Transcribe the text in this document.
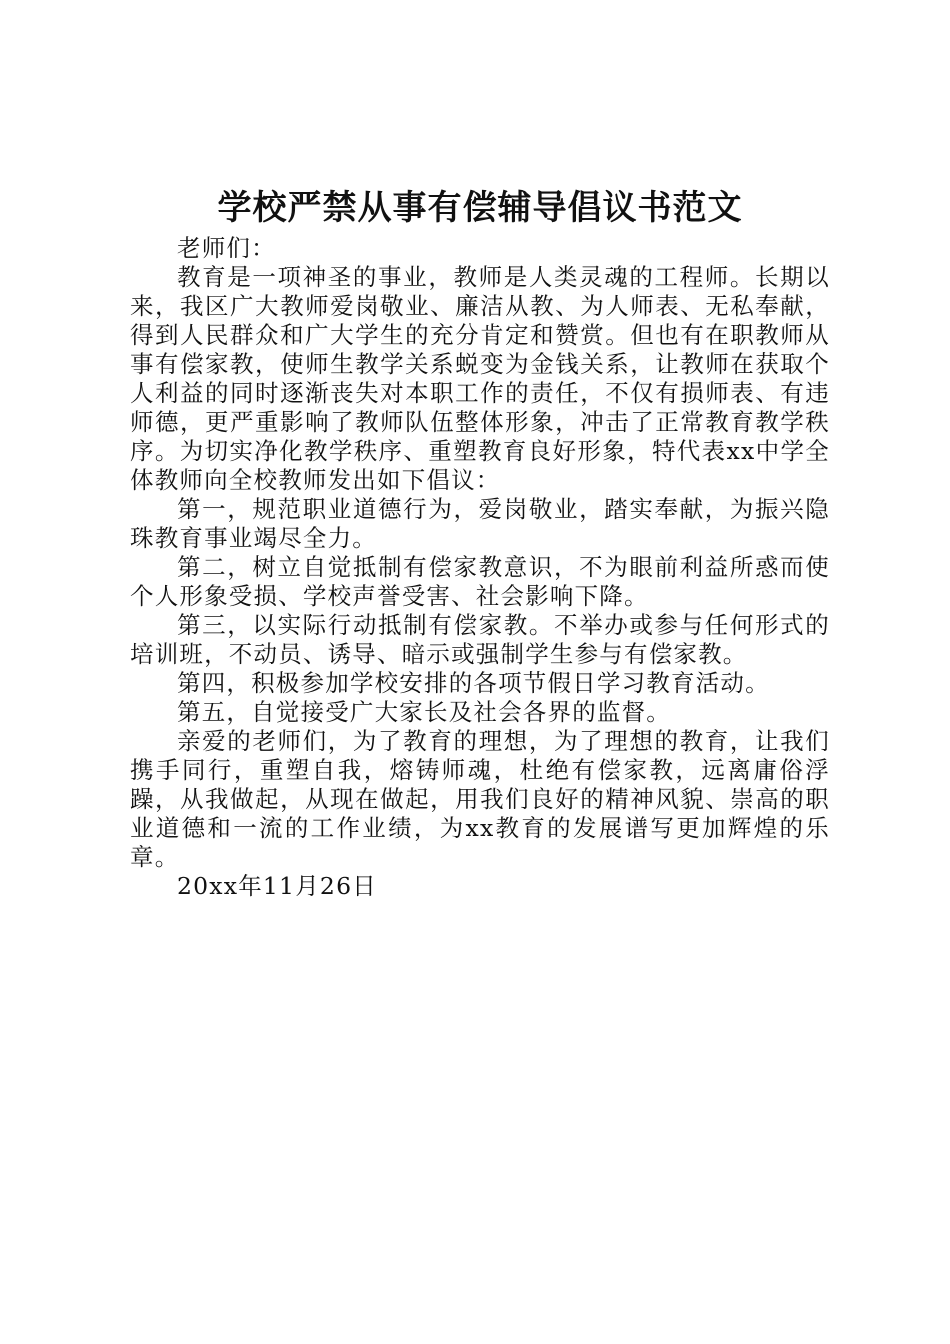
学校严禁从事有偿辅导倡议书范文

老师们：

教育是一项神圣的事业，教师是人类灵魂的工程师。长期以来，我区广大教师爱岗敬业、廉洁从教、为人师表、无私奉献，得到人民群众和广大学生的充分肯定和赞赏。但也有在职教师从事有偿家教，使师生教学关系蜕变为金钱关系，让教师在获取个人利益的同时逐渐丧失对本职工作的责任，不仅有损师表、有违师德，更严重影响了教师队伍整体形象，冲击了正常教育教学秩序。为切实净化教学秩序、重塑教育良好形象，特代表xx中学全体教师向全校教师发出如下倡议：

第一，规范职业道德行为，爱岗敬业，踏实奉献，为振兴隐珠教育事业竭尽全力。

第二，树立自觉抵制有偿家教意识，不为眼前利益所惑而使个人形象受损、学校声誉受害、社会影响下降。

第三，以实际行动抵制有偿家教。不举办或参与任何形式的培训班，不动员、诱导、暗示或强制学生参与有偿家教。

第四，积极参加学校安排的各项节假日学习教育活动。

第五，自觉接受广大家长及社会各界的监督。

亲爱的老师们，为了教育的理想，为了理想的教育，让我们携手同行，重塑自我，熔铸师魂，杜绝有偿家教，远离庸俗浮躁，从我做起，从现在做起，用我们良好的精神风貌、崇高的职业道德和一流的工作业绩，为xx教育的发展谱写更加辉煌的乐章。

20xx年11月26日
